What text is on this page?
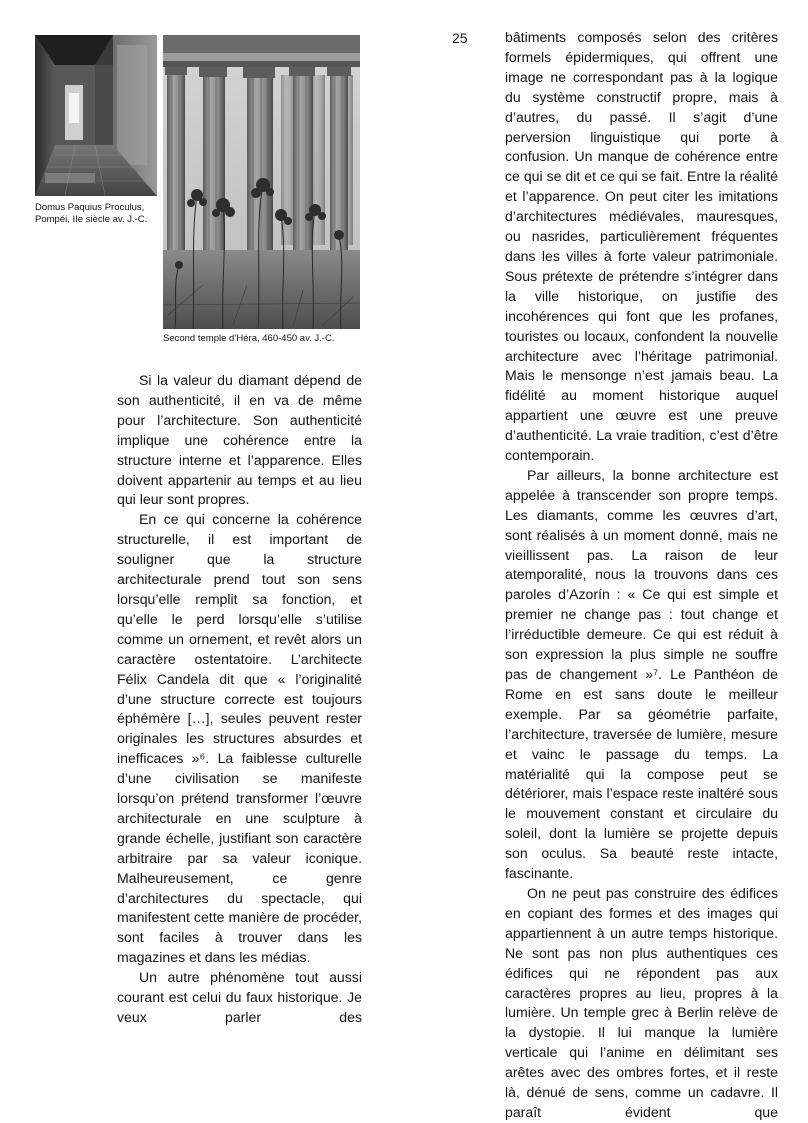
Domus Paquius Proculus,

Pompéi, IIe siècle av. J.-C.

Second temple d’Héra, 460-450 av. J.-C.
25

Si la valeur du diamant dépend de son authenticité, il en va de même pour l’architecture. Son authenticité implique une cohérence entre la structure interne et l’apparence. Elles doivent appartenir au temps et au lieu qui leur sont propres.

En ce qui concerne la cohérence structurelle, il est important de souligner que la structure architecturale prend tout son sens lorsqu’elle remplit sa fonction, et qu’elle le perd lorsqu’elle s’utilise comme un ornement, et revêt alors un caractère ostentatoire. L’architecte Félix Candela dit que « l’originalité d’une structure correcte est toujours éphémère […], seules peuvent rester originales les structures absurdes et inefficaces »⁶. La faiblesse culturelle d’une civilisation se manifeste lorsqu’on prétend transformer l’œuvre architecturale en une sculpture à grande échelle, justifiant son caractère arbitraire par sa valeur iconique. Malheureusement, ce genre d’architectures du spectacle, qui manifestent cette manière de procéder, sont faciles à trouver dans les magazines et dans les médias.

Un autre phénomène tout aussi courant est celui du faux historique. Je veux parler des

bâtiments composés selon des critères formels épidermiques, qui offrent une image ne correspondant pas à la logique du système constructif propre, mais à d’autres, du passé. Il s’agit d’une perversion linguistique qui porte à confusion. Un manque de cohérence entre ce qui se dit et ce qui se fait. Entre la réalité et l’apparence. On peut citer les imitations d’architectures médiévales, mauresques, ou nasrides, particulièrement fréquentes dans les villes à forte valeur patrimoniale. Sous prétexte de prétendre s’intégrer dans la ville historique, on justifie des incohérences qui font que les profanes, touristes ou locaux, confondent la nouvelle architecture avec l’héritage patrimonial. Mais le mensonge n’est jamais beau. La fidélité au moment historique auquel appartient une œuvre est une preuve d’authenticité. La vraie tradition, c’est d’être contemporain.

Par ailleurs, la bonne architecture est appelée à transcender son propre temps. Les diamants, comme les œuvres d’art, sont réalisés à un moment donné, mais ne vieillissent pas. La raison de leur atemporalité, nous la trouvons dans ces paroles d’Azorín : « Ce qui est simple et premier ne change pas : tout change et l’irréductible demeure. Ce qui est réduit à son expression la plus simple ne souffre pas de changement »⁷. Le Panthéon de Rome en est sans doute le meilleur exemple. Par sa géométrie parfaite, l’architecture, traversée de lumière, mesure et vainc le passage du temps. La matérialité qui la compose peut se détériorer, mais l’espace reste inaltéré sous le mouvement constant et circulaire du soleil, dont la lumière se projette depuis son oculus. Sa beauté reste intacte, fascinante.

On ne peut pas construire des édifices en copiant des formes et des images qui appartiennent à un autre temps historique. Ne sont pas non plus authentiques ces édifices qui ne répondent pas aux caractères propres au lieu, propres à la lumière. Un temple grec à Berlin relève de la dystopie. Il lui manque la lumière verticale qui l’anime en délimitant ses arêtes avec des ombres fortes, et il reste là, dénué de sens, comme un cadavre. Il paraît évident que
